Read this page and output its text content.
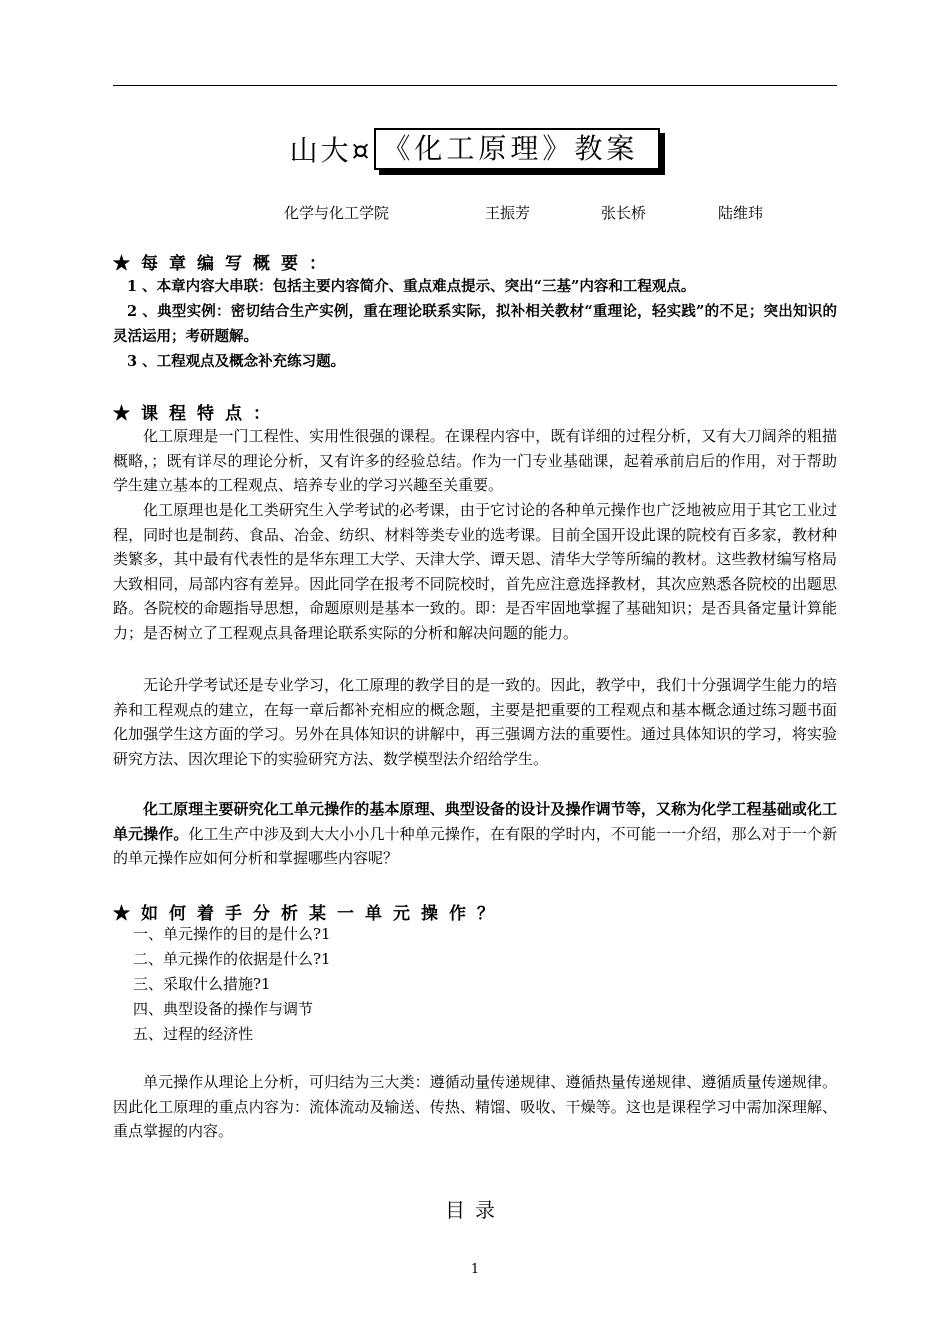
山大¤ 《化工原理》教案
化学与化工学院	王振芳	张长桥	陆维玮
★每章编写概要：
1 、本章内容大串联：包括主要内容简介、重点难点提示、突出“三基”内容和工程观点。
2 、典型实例：密切结合生产实例，重在理论联系实际，拟补相关教材“重理论，轻实践”的不足；突出知识的灵活运用；考研题解。
3 、工程观点及概念补充练习题。
★课程特点：
化工原理是一门工程性、实用性很强的课程。在课程内容中，既有详细的过程分析，又有大刀阔斧的粗描概略，；既有详尽的理论分析，又有许多的经验总结。作为一门专业基础课，起着承前启后的作用，对于帮助学生建立基本的工程观点、培养专业的学习兴趣至关重要。
化工原理也是化工类研究生入学考试的必考课，由于它讨论的各种单元操作也广泛地被应用于其它工业过程，同时也是制药、食品、冶金、纺织、材料等类专业的选考课。目前全国开设此课的院校有百多家，教材种类繁多，其中最有代表性的是华东理工大学、天津大学、谭天恩、清华大学等所编的教材。这些教材编写格局大致相同，局部内容有差异。因此同学在报考不同院校时，首先应注意选择教材，其次应熟悉各院校的出题思路。各院校的命题指导思想，命题原则是基本一致的。即：是否牢固地掌握了基础知识；是否具备定量计算能力；是否树立了工程观点具备理论联系实际的分析和解决问题的能力。
无论升学考试还是专业学习，化工原理的教学目的是一致的。因此，教学中，我们十分强调学生能力的培养和工程观点的建立，在每一章后都补充相应的概念题，主要是把重要的工程观点和基本概念通过练习题书面化加强学生这方面的学习。另外在具体知识的讲解中，再三强调方法的重要性。通过具体知识的学习，将实验研究方法、因次理论下的实验研究方法、数学模型法介绍给学生。
化工原理主要研究化工单元操作的基本原理、典型设备的设计及操作调节等，又称为化学工程基础或化工单元操作。化工生产中涉及到大大小小几十种单元操作，在有限的学时内，不可能一一介绍，那么对于一个新的单元操作应如何分析和掌握哪些内容呢？
★如何着手分析某一单元操作？
一、单元操作的目的是什么?1
二、单元操作的依据是什么?1
三、采取什么措施?1
四、典型设备的操作与调节
五、过程的经济性
单元操作从理论上分析，可归结为三大类：遵循动量传递规律、遵循热量传递规律、遵循质量传递规律。因此化工原理的重点内容为：流体流动及输送、传热、精馏、吸收、干燥等。这也是课程学习中需加深理解、重点掌握的内容。
目录
1
